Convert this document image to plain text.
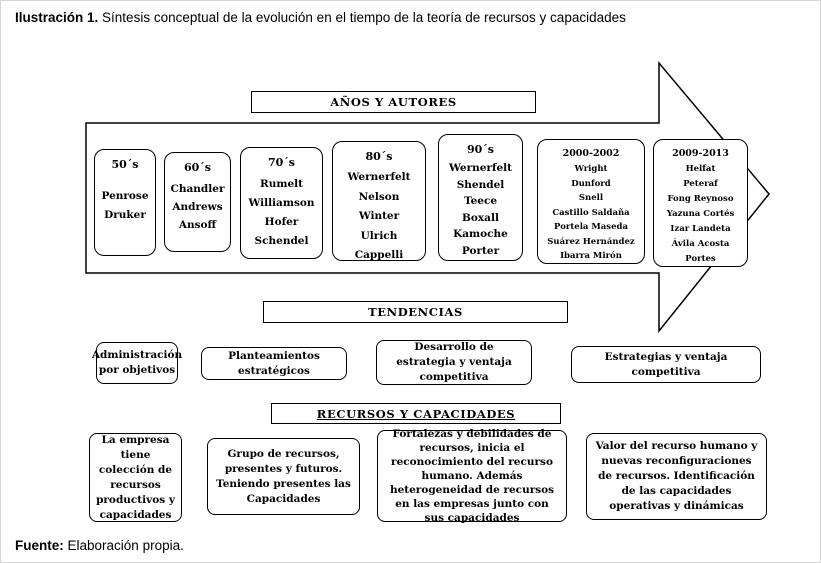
Ilustración 1. Síntesis conceptual de la evolución en el tiempo de la teoría de recursos y capacidades
AÑOS Y AUTORES
50´s
Penrose
Druker
60´s
Chandler
Andrews
Ansoff
70´s
Rumelt
Williamson
Hofer
Schendel
80´s
Wernerfelt
Nelson
Winter
Ulrich
Cappelli
90´s
Wernerfelt
Shendel
Teece
Boxall
Kamoche
Porter
2000-2002
Wright
Dunford
Snell
Castillo Saldaña
Portela Maseda
Suárez Hernández
Ibarra Mirón
2009-2013
Helfat
Peteraf
Fong Reynoso
Yazuna Cortés
Izar Landeta
Ávila Acosta
Portes
TENDENCIAS
Administración por objetivos
Planteamientos estratégicos
Desarrollo de estrategia y ventaja competitiva
Estrategias y ventaja competitiva
RECURSOS Y CAPACIDADES
La empresa tiene colección de recursos productivos y capacidades
Grupo de recursos, presentes y futuros. Teniendo presentes las Capacidades
Fortalezas y debilidades de recursos, inicia el reconocimiento del recurso humano. Además heterogeneidad de recursos en las empresas junto con sus capacidades
Valor del recurso humano y nuevas reconfiguraciones de recursos. Identificación de las capacidades operativas y dinámicas
Fuente: Elaboración propia.
